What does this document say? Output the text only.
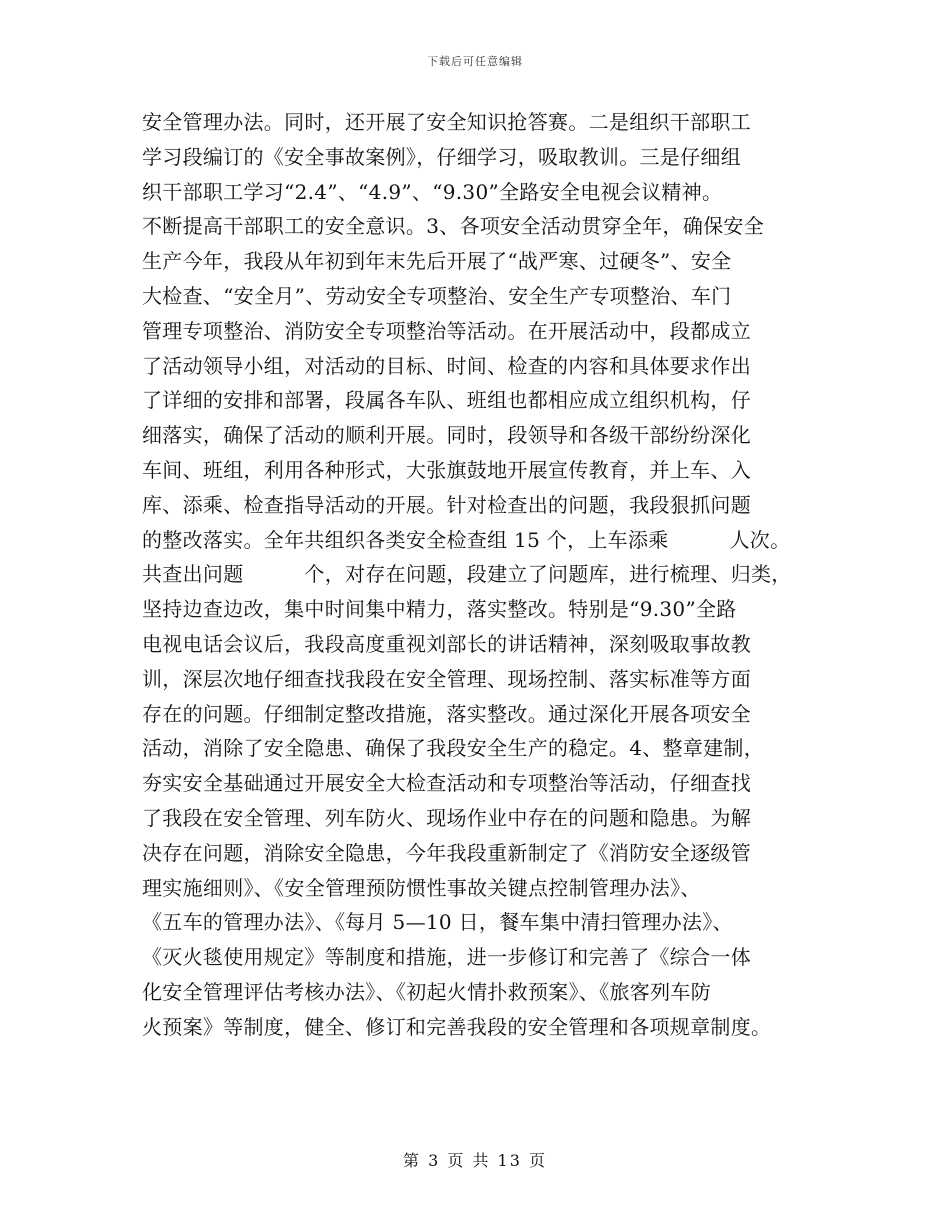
下载后可任意编辑
安全管理办法。同时，还开展了安全知识抢答赛。二是组织干部职工
学习段编订的《安全事故案例》，仔细学习，吸取教训。三是仔细组
织干部职工学习“2.4”、“4.9”、“9.30”全路安全电视会议精神。
不断提高干部职工的安全意识。3、各项安全活动贯穿全年，确保安全
生产今年，我段从年初到年末先后开展了“战严寒、过硬冬”、安全
大检查、“安全月”、劳动安全专项整治、安全生产专项整治、车门
管理专项整治、消防安全专项整治等活动。在开展活动中，段都成立
了活动领导小组，对活动的目标、时间、检查的内容和具体要求作出
了详细的安排和部署，段属各车队、班组也都相应成立组织机构，仔
细落实，确保了活动的顺利开展。同时，段领导和各级干部纷纷深化
车间、班组，利用各种形式，大张旗鼓地开展宣传教育，并上车、入
库、添乘、检查指导活动的开展。针对检查出的问题，我段狠抓问题
的整改落实。全年共组织各类安全检查组 15 个，上车添乘　　　人次。
共查出问题　　　个，对存在问题，段建立了问题库，进行梳理、归类，
坚持边查边改，集中时间集中精力，落实整改。特别是“9.30”全路
电视电话会议后，我段高度重视刘部长的讲话精神，深刻吸取事故教
训，深层次地仔细查找我段在安全管理、现场控制、落实标准等方面
存在的问题。仔细制定整改措施，落实整改。通过深化开展各项安全
活动，消除了安全隐患、确保了我段安全生产的稳定。4、整章建制，
夯实安全基础通过开展安全大检查活动和专项整治等活动，仔细查找
了我段在安全管理、列车防火、现场作业中存在的问题和隐患。为解
决存在问题，消除安全隐患，今年我段重新制定了《消防安全逐级管
理实施细则》、《安全管理预防惯性事故关键点控制管理办法》、
《五车的管理办法》、《每月 5—10 日，餐车集中清扫管理办法》、
《灭火毯使用规定》等制度和措施，进一步修订和完善了《综合一体
化安全管理评估考核办法》、《初起火情扑救预案》、《旅客列车防
火预案》等制度，健全、修订和完善我段的安全管理和各项规章制度。
第 3 页 共 13 页
